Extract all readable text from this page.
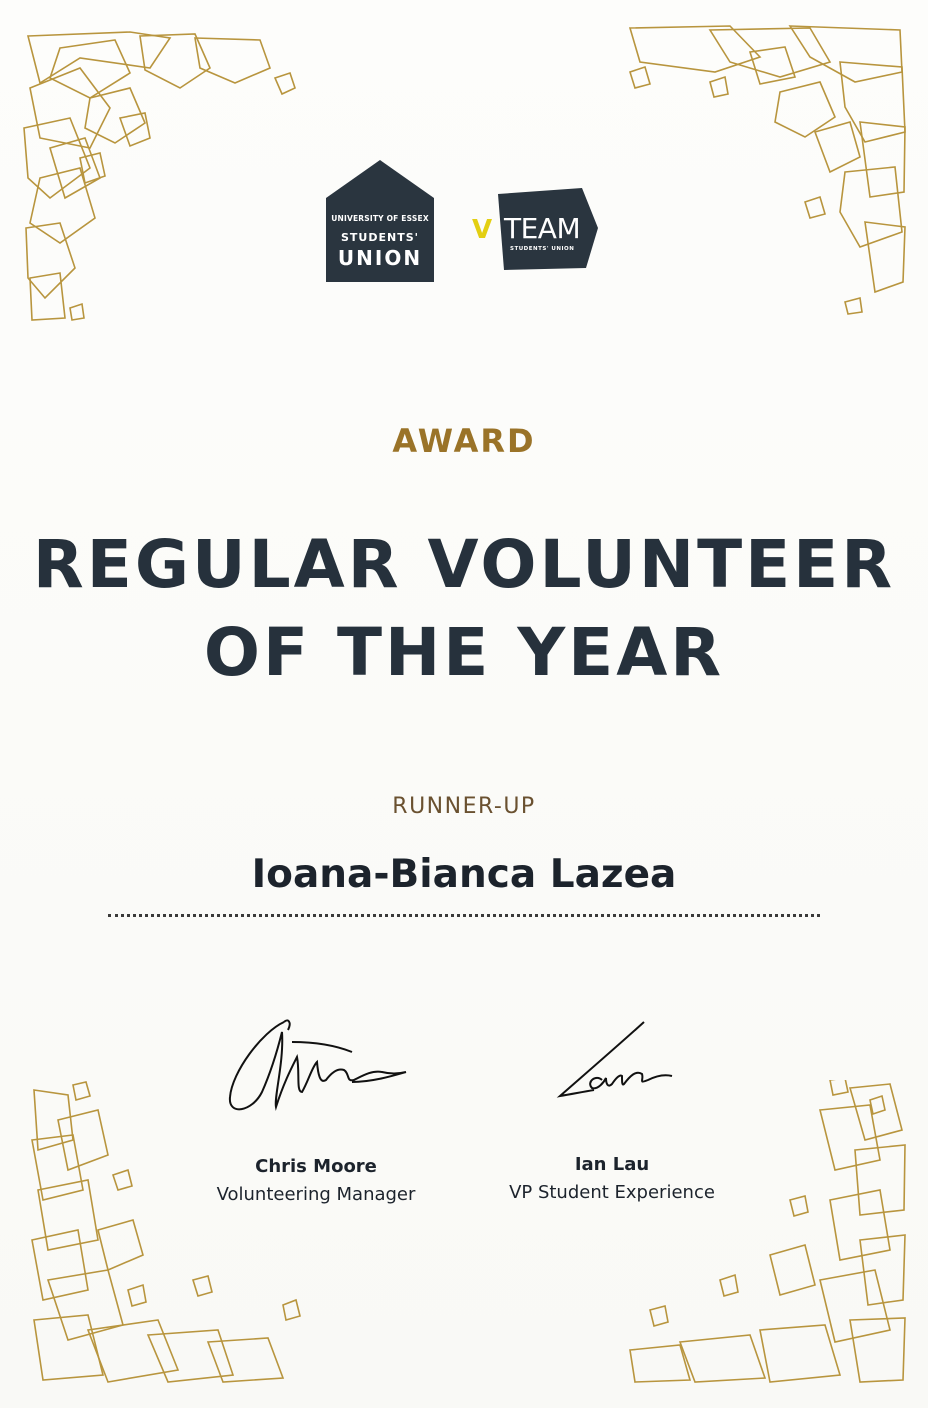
UNIVERSITY OF ESSEX
STUDENTS'
UNION
V TEAM
STUDENTS' UNION
AWARD
REGULAR VOLUNTEER
OF THE YEAR
RUNNER-UP
Ioana-Bianca Lazea
Chris Moore
Volunteering Manager
Ian Lau
VP Student Experience
